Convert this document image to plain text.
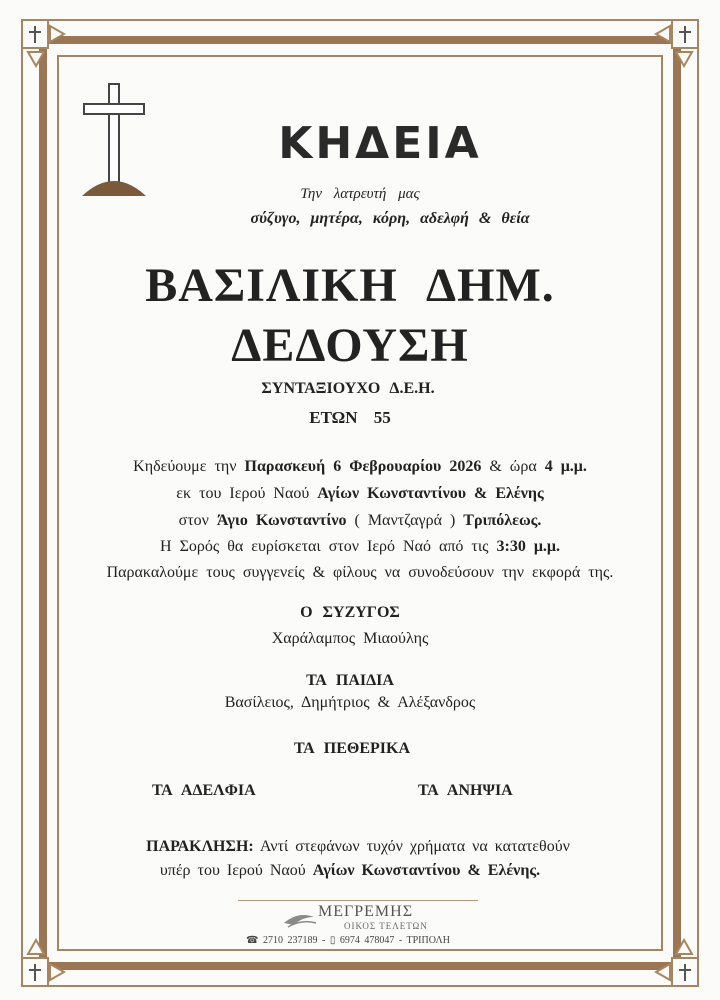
ΚΗΔΕΙΑ
Την λατρευτή μας
σύζυγο, μητέρα, κόρη, αδελφή & θεία
ΒΑΣΙΛΙΚΗ ΔΗΜ.
ΔΕΔΟΥΣΗ
ΣΥΝΤΑΞΙΟΥΧΟ Δ.Ε.Η.
ΕΤΩΝ 55
Κηδεύουμε την Παρασκευή 6 Φεβρουαρίου 2026 & ώρα 4 μ.μ.
εκ του Ιερού Ναού Αγίων Κωνσταντίνου & Ελένης
στον Άγιο Κωνσταντίνο ( Μαντζαγρά ) Τριπόλεως.
Η Σορός θα ευρίσκεται στον Ιερό Ναό από τις 3:30 μ.μ.
Παρακαλούμε τους συγγενείς & φίλους να συνοδεύσουν την εκφορά της.
Ο ΣΥΖΥΓΟΣ
Χαράλαμπος Μιαούλης
ΤΑ ΠΑΙΔΙΑ
Βασίλειος, Δημήτριος & Αλέξανδρος
ΤΑ ΠΕΘΕΡΙΚΑ
ΤΑ ΑΔΕΛΦΙΑ	ΤΑ ΑΝΗΨΙΑ
ΠΑΡΑΚΛΗΣΗ: Αντί στεφάνων τυχόν χρήματα να κατατεθούν
υπέρ του Ιερού Ναού Αγίων Κωνσταντίνου & Ελένης.
ΜΕΓΡΕΜΗΣ
ΟΙΚΟΣ ΤΕΛΕΤΩΝ
☎ 2710 237189 - ▯ 6974 478047 - ΤΡΙΠΟΛΗ
